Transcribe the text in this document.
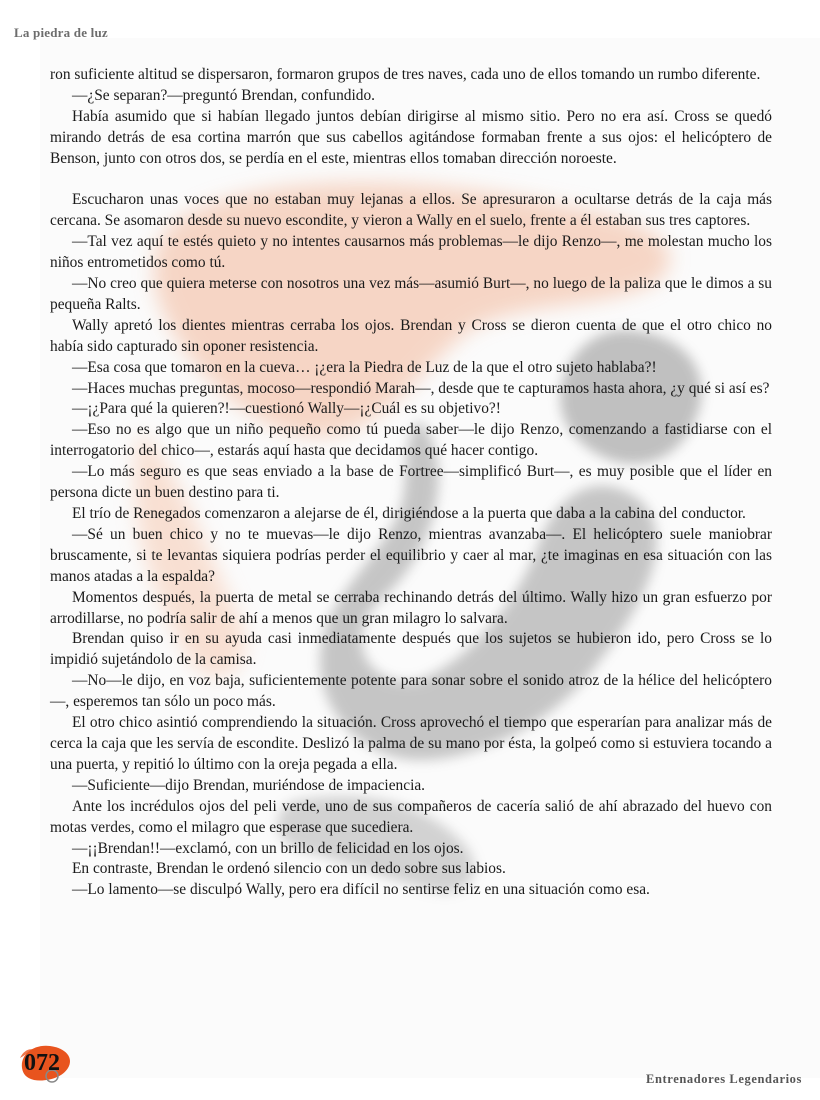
La piedra de luz

ron suficiente altitud se dispersaron, formaron grupos de tres naves, cada uno de ellos tomando un rumbo diferente.

—¿Se separan?—preguntó Brendan, confundido.

Había asumido que si habían llegado juntos debían dirigirse al mismo sitio. Pero no era así. Cross se quedó mirando detrás de esa cortina marrón que sus cabellos agitándose formaban frente a sus ojos: el helicóptero de Benson, junto con otros dos, se perdía en el este, mientras ellos tomaban dirección noroeste.

Escucharon unas voces que no estaban muy lejanas a ellos. Se apresuraron a ocultarse detrás de la caja más cercana. Se asomaron desde su nuevo escondite, y vieron a Wally en el suelo, frente a él estaban sus tres captores.

—Tal vez aquí te estés quieto y no intentes causarnos más problemas—le dijo Renzo—, me molestan mucho los niños entrometidos como tú.

—No creo que quiera meterse con nosotros una vez más—asumió Burt—, no luego de la paliza que le dimos a su pequeña Ralts.

Wally apretó los dientes mientras cerraba los ojos. Brendan y Cross se dieron cuenta de que el otro chico no había sido capturado sin oponer resistencia.

—Esa cosa que tomaron en la cueva… ¡¿era la Piedra de Luz de la que el otro sujeto hablaba?!

—Haces muchas preguntas, mocoso—respondió Marah—, desde que te capturamos hasta ahora, ¿y qué si así es?

—¡¿Para qué la quieren?!—cuestionó Wally—¡¿Cuál es su objetivo?!

—Eso no es algo que un niño pequeño como tú pueda saber—le dijo Renzo, comenzando a fastidiarse con el interrogatorio del chico—, estarás aquí hasta que decidamos qué hacer contigo.

—Lo más seguro es que seas enviado a la base de Fortree—simplificó Burt—, es muy posible que el líder en persona dicte un buen destino para ti.

El trío de Renegados comenzaron a alejarse de él, dirigiéndose a la puerta que daba a la cabina del conductor.

—Sé un buen chico y no te muevas—le dijo Renzo, mientras avanzaba—. El helicóptero suele maniobrar bruscamente, si te levantas siquiera podrías perder el equilibrio y caer al mar, ¿te imaginas en esa situación con las manos atadas a la espalda?

Momentos después, la puerta de metal se cerraba rechinando detrás del último. Wally hizo un gran esfuerzo por arrodillarse, no podría salir de ahí a menos que un gran milagro lo salvara.

Brendan quiso ir en su ayuda casi inmediatamente después que los sujetos se hubieron ido, pero Cross se lo impidió sujetándolo de la camisa.

—No—le dijo, en voz baja, suficientemente potente para sonar sobre el sonido atroz de la hélice del helicóptero—, esperemos tan sólo un poco más.

El otro chico asintió comprendiendo la situación. Cross aprovechó el tiempo que esperarían para analizar más de cerca la caja que les servía de escondite. Deslizó la palma de su mano por ésta, la golpeó como si estuviera tocando a una puerta, y repitió lo último con la oreja pegada a ella.

—Suficiente—dijo Brendan, muriéndose de impaciencia.

Ante los incrédulos ojos del peli verde, uno de sus compañeros de cacería salió de ahí abrazado del huevo con motas verdes, como el milagro que esperase que sucediera.

—¡¡Brendan!!—exclamó, con un brillo de felicidad en los ojos.

En contraste, Brendan le ordenó silencio con un dedo sobre sus labios.

—Lo lamento—se disculpó Wally, pero era difícil no sentirse feliz en una situación como esa.

072
Entrenadores Legendarios
